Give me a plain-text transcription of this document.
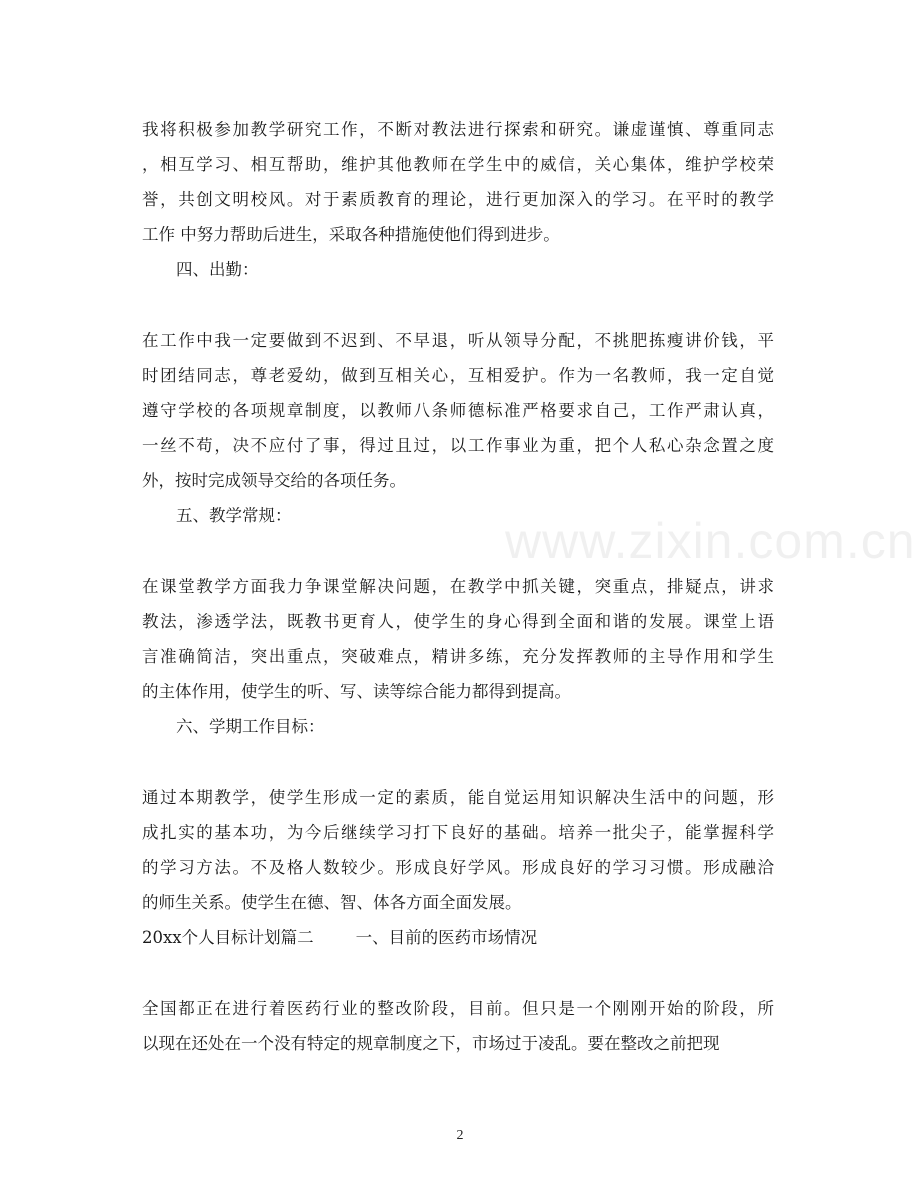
www.zixin.com.cn
我将积极参加教学研究工作，不断对教法进行探索和研究。谦虚谨慎、尊重同志
，相互学习、相互帮助，维护其他教师在学生中的威信，关心集体，维护学校荣
誉，共创文明校风。对于素质教育的理论，进行更加深入的学习。在平时的教学
工作 中努力帮助后进生，采取各种措施使他们得到进步。
四、出勤：
在工作中我一定要做到不迟到、不早退，听从领导分配，不挑肥拣瘦讲价钱，平
时团结同志，尊老爱幼，做到互相关心，互相爱护。作为一名教师，我一定自觉
遵守学校的各项规章制度，以教师八条师德标准严格要求自己，工作严肃认真，
一丝不苟，决不应付了事，得过且过，以工作事业为重，把个人私心杂念置之度
外，按时完成领导交给的各项任务。
五、教学常规：
在课堂教学方面我力争课堂解决问题，在教学中抓关键，突重点，排疑点，讲求
教法，渗透学法，既教书更育人，使学生的身心得到全面和谐的发展。课堂上语
言准确简洁，突出重点，突破难点，精讲多练，充分发挥教师的主导作用和学生
的主体作用，使学生的听、写、读等综合能力都得到提高。
六、学期工作目标：
通过本期教学，使学生形成一定的素质，能自觉运用知识解决生活中的问题，形
成扎实的基本功，为今后继续学习打下良好的基础。培养一批尖子，能掌握科学
的学习方法。不及格人数较少。形成良好学风。形成良好的学习习惯。形成融洽
的师生关系。使学生在德、智、体各方面全面发展。
20xx个人目标计划篇二        一、目前的医药市场情况
全国都正在进行着医药行业的整改阶段，目前。但只是一个刚刚开始的阶段，所
以现在还处在一个没有特定的规章制度之下，市场过于凌乱。要在整改之前把现
2
